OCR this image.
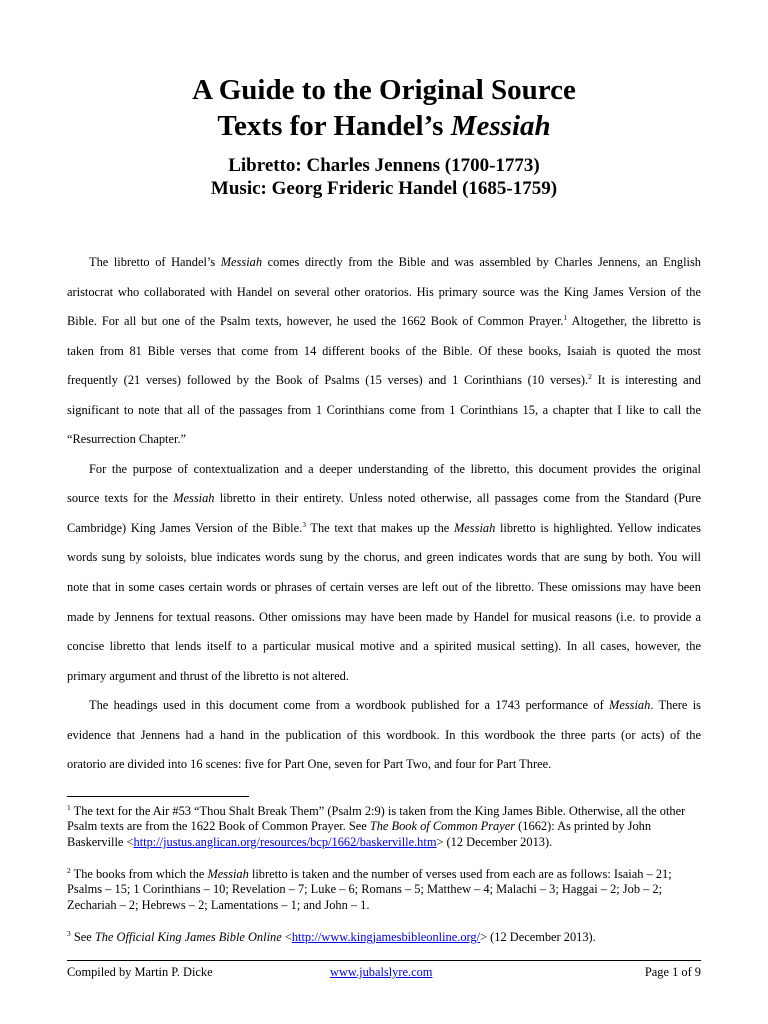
A Guide to the Original Source
Texts for Handel’s Messiah
Libretto: Charles Jennens (1700-1773)
Music: Georg Frideric Handel (1685-1759)

The libretto of Handel’s Messiah comes directly from the Bible and was assembled by Charles Jennens, an English
aristocrat who collaborated with Handel on several other oratorios. His primary source was the King James Version of the
Bible. For all but one of the Psalm texts, however, he used the 1662 Book of Common Prayer.$^1$ Altogether, the libretto is
taken from 81 Bible verses that come from 14 different books of the Bible. Of these books, Isaiah is quoted the most
frequently (21 verses) followed by the Book of Psalms (15 verses) and 1 Corinthians (10 verses).$^2$ It is interesting and
significant to note that all of the passages from 1 Corinthians come from 1 Corinthians 15, a chapter that I like to call the
“Resurrection Chapter.”

For the purpose of contextualization and a deeper understanding of the libretto, this document provides the original
source texts for the Messiah libretto in their entirety. Unless noted otherwise, all passages come from the Standard (Pure
Cambridge) King James Version of the Bible.$^3$ The text that makes up the Messiah libretto is highlighted. Yellow indicates
words sung by soloists, blue indicates words sung by the chorus, and green indicates words that are sung by both. You will
note that in some cases certain words or phrases of certain verses are left out of the libretto. These omissions may have been
made by Jennens for textual reasons. Other omissions may have been made by Handel for musical reasons (i.e. to provide a
concise libretto that lends itself to a particular musical motive and a spirited musical setting). In all cases, however, the
primary argument and thrust of the libretto is not altered.

The headings used in this document come from a wordbook published for a 1743 performance of Messiah. There is
evidence that Jennens had a hand in the publication of this wordbook. In this wordbook the three parts (or acts) of the
oratorio are divided into 16 scenes: five for Part One, seven for Part Two, and four for Part Three.

$^1$ The text for the Air #53 “Thou Shalt Break Them” (Psalm 2:9) is taken from the King James Bible. Otherwise, all the other
Psalm texts are from the 1622 Book of Common Prayer. See The Book of Common Prayer (1662): As printed by John
Baskerville <http://justus.anglican.org/resources/bcp/1662/baskerville.htm> (12 December 2013).
$^2$ The books from which the Messiah libretto is taken and the number of verses used from each are as follows: Isaiah – 21;
Psalms – 15; 1 Corinthians – 10; Revelation – 7; Luke – 6; Romans – 5; Matthew – 4; Malachi – 3; Haggai – 2; Job – 2;
Zechariah – 2; Hebrews – 2; Lamentations – 1; and John – 1.
$^3$ See The Official King James Bible Online <http://www.kingjamesbibleonline.org/> (12 December 2013).
Compiled by Martin P. Dicke	www.jubalslyre.com	Page 1 of 9
